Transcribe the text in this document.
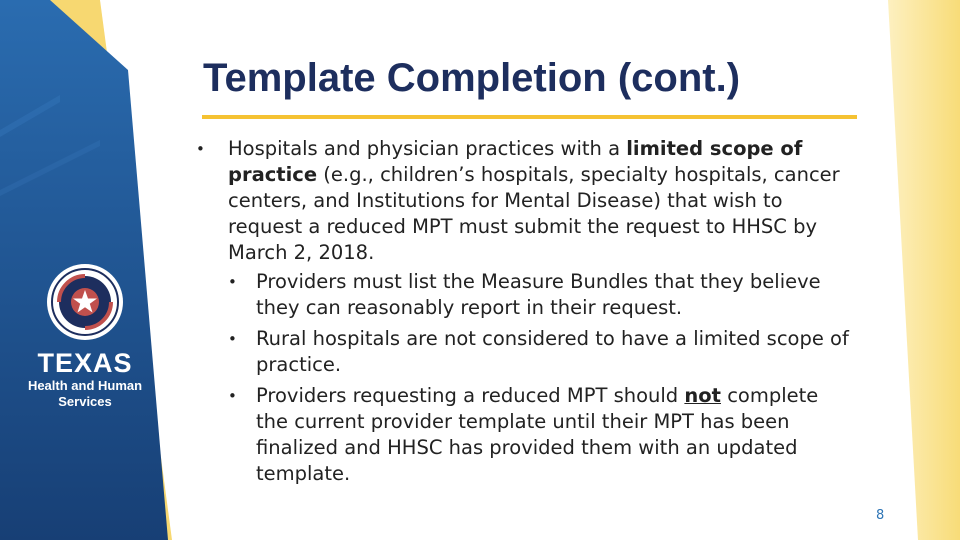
TEXAS
Health and Human
Services
Template Completion (cont.)
• Hospitals and physician practices with a limited scope of practice (e.g., children’s hospitals, specialty hospitals, cancer centers, and Institutions for Mental Disease) that wish to request a reduced MPT must submit the request to HHSC by March 2, 2018.
• Providers must list the Measure Bundles that they believe they can reasonably report in their request.
• Rural hospitals are not considered to have a limited scope of practice.
• Providers requesting a reduced MPT should not complete the current provider template until their MPT has been finalized and HHSC has provided them with an updated template.
8
